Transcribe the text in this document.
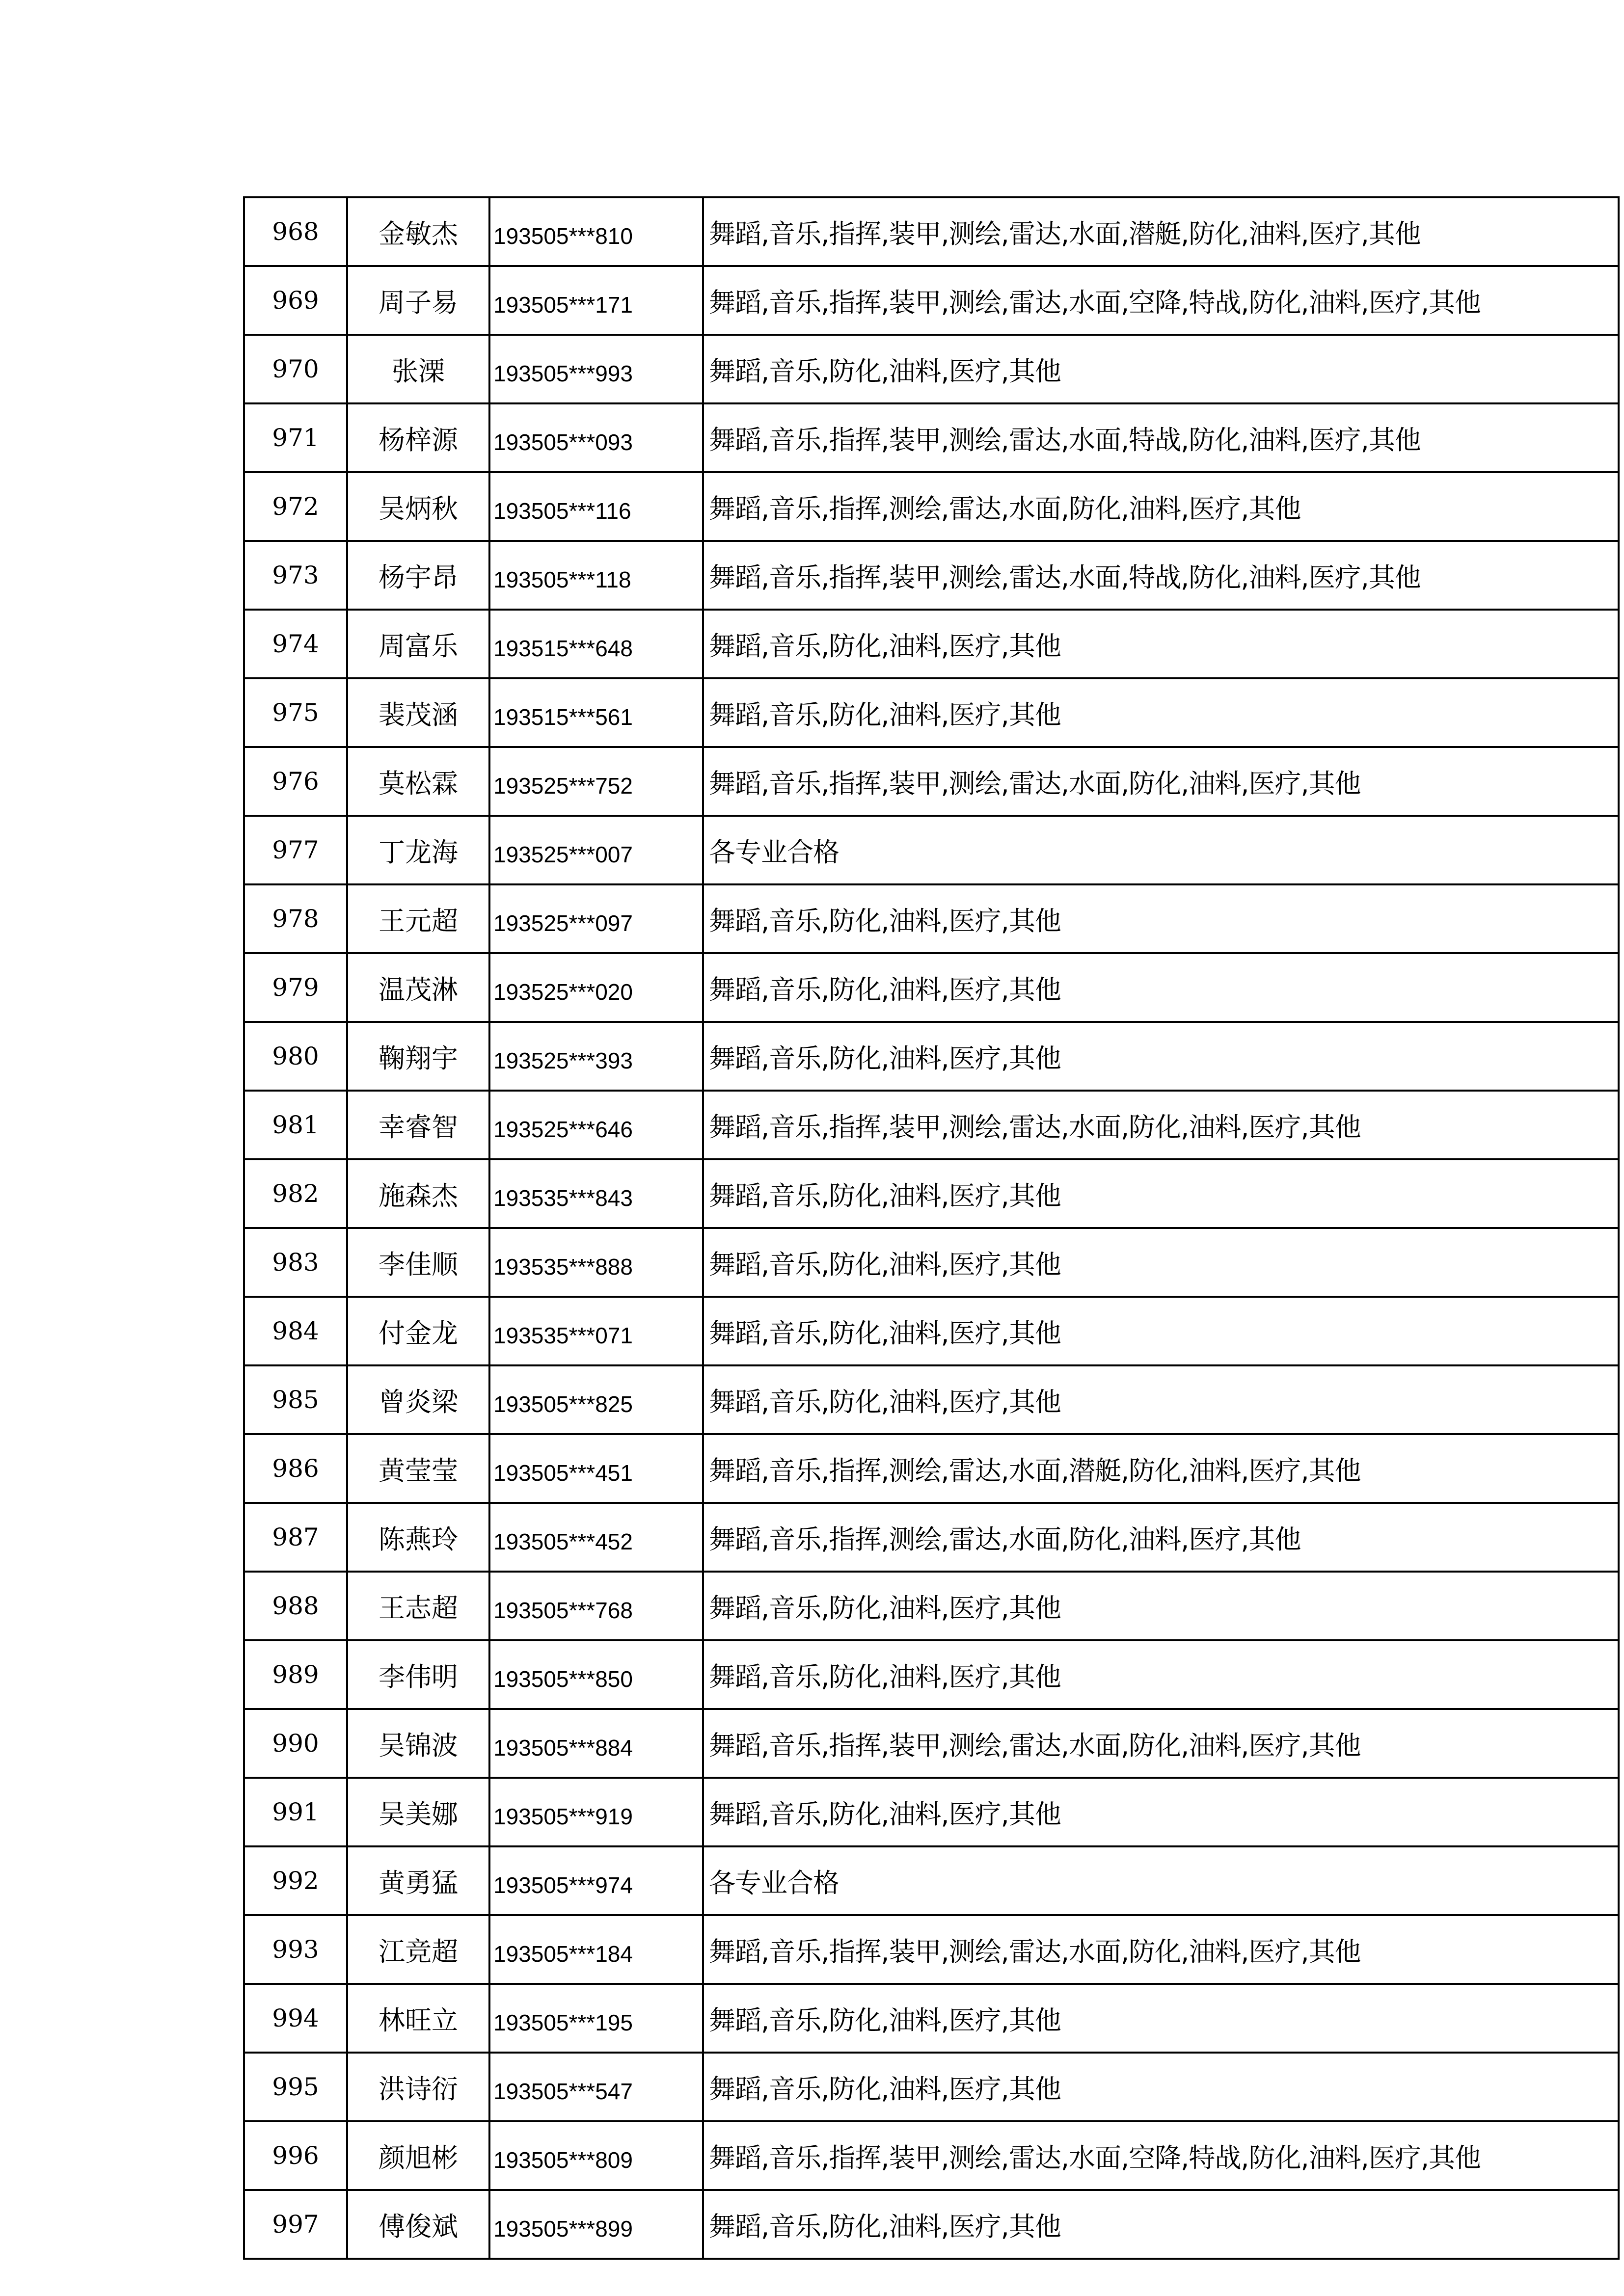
968	金敏杰	193505***810	舞蹈,音乐,指挥,装甲,测绘,雷达,水面,潜艇,防化,油料,医疗,其他
969	周子易	193505***171	舞蹈,音乐,指挥,装甲,测绘,雷达,水面,空降,特战,防化,油料,医疗,其他
970	张溧	193505***993	舞蹈,音乐,防化,油料,医疗,其他
971	杨梓源	193505***093	舞蹈,音乐,指挥,装甲,测绘,雷达,水面,特战,防化,油料,医疗,其他
972	吴炳秋	193505***116	舞蹈,音乐,指挥,测绘,雷达,水面,防化,油料,医疗,其他
973	杨宇昂	193505***118	舞蹈,音乐,指挥,装甲,测绘,雷达,水面,特战,防化,油料,医疗,其他
974	周富乐	193515***648	舞蹈,音乐,防化,油料,医疗,其他
975	裴茂涵	193515***561	舞蹈,音乐,防化,油料,医疗,其他
976	莫松霖	193525***752	舞蹈,音乐,指挥,装甲,测绘,雷达,水面,防化,油料,医疗,其他
977	丁龙海	193525***007	各专业合格
978	王元超	193525***097	舞蹈,音乐,防化,油料,医疗,其他
979	温茂淋	193525***020	舞蹈,音乐,防化,油料,医疗,其他
980	鞠翔宇	193525***393	舞蹈,音乐,防化,油料,医疗,其他
981	幸睿智	193525***646	舞蹈,音乐,指挥,装甲,测绘,雷达,水面,防化,油料,医疗,其他
982	施森杰	193535***843	舞蹈,音乐,防化,油料,医疗,其他
983	李佳顺	193535***888	舞蹈,音乐,防化,油料,医疗,其他
984	付金龙	193535***071	舞蹈,音乐,防化,油料,医疗,其他
985	曾炎梁	193505***825	舞蹈,音乐,防化,油料,医疗,其他
986	黄莹莹	193505***451	舞蹈,音乐,指挥,测绘,雷达,水面,潜艇,防化,油料,医疗,其他
987	陈燕玲	193505***452	舞蹈,音乐,指挥,测绘,雷达,水面,防化,油料,医疗,其他
988	王志超	193505***768	舞蹈,音乐,防化,油料,医疗,其他
989	李伟明	193505***850	舞蹈,音乐,防化,油料,医疗,其他
990	吴锦波	193505***884	舞蹈,音乐,指挥,装甲,测绘,雷达,水面,防化,油料,医疗,其他
991	吴美娜	193505***919	舞蹈,音乐,防化,油料,医疗,其他
992	黄勇猛	193505***974	各专业合格
993	江竞超	193505***184	舞蹈,音乐,指挥,装甲,测绘,雷达,水面,防化,油料,医疗,其他
994	林旺立	193505***195	舞蹈,音乐,防化,油料,医疗,其他
995	洪诗衍	193505***547	舞蹈,音乐,防化,油料,医疗,其他
996	颜旭彬	193505***809	舞蹈,音乐,指挥,装甲,测绘,雷达,水面,空降,特战,防化,油料,医疗,其他
997	傅俊斌	193505***899	舞蹈,音乐,防化,油料,医疗,其他
